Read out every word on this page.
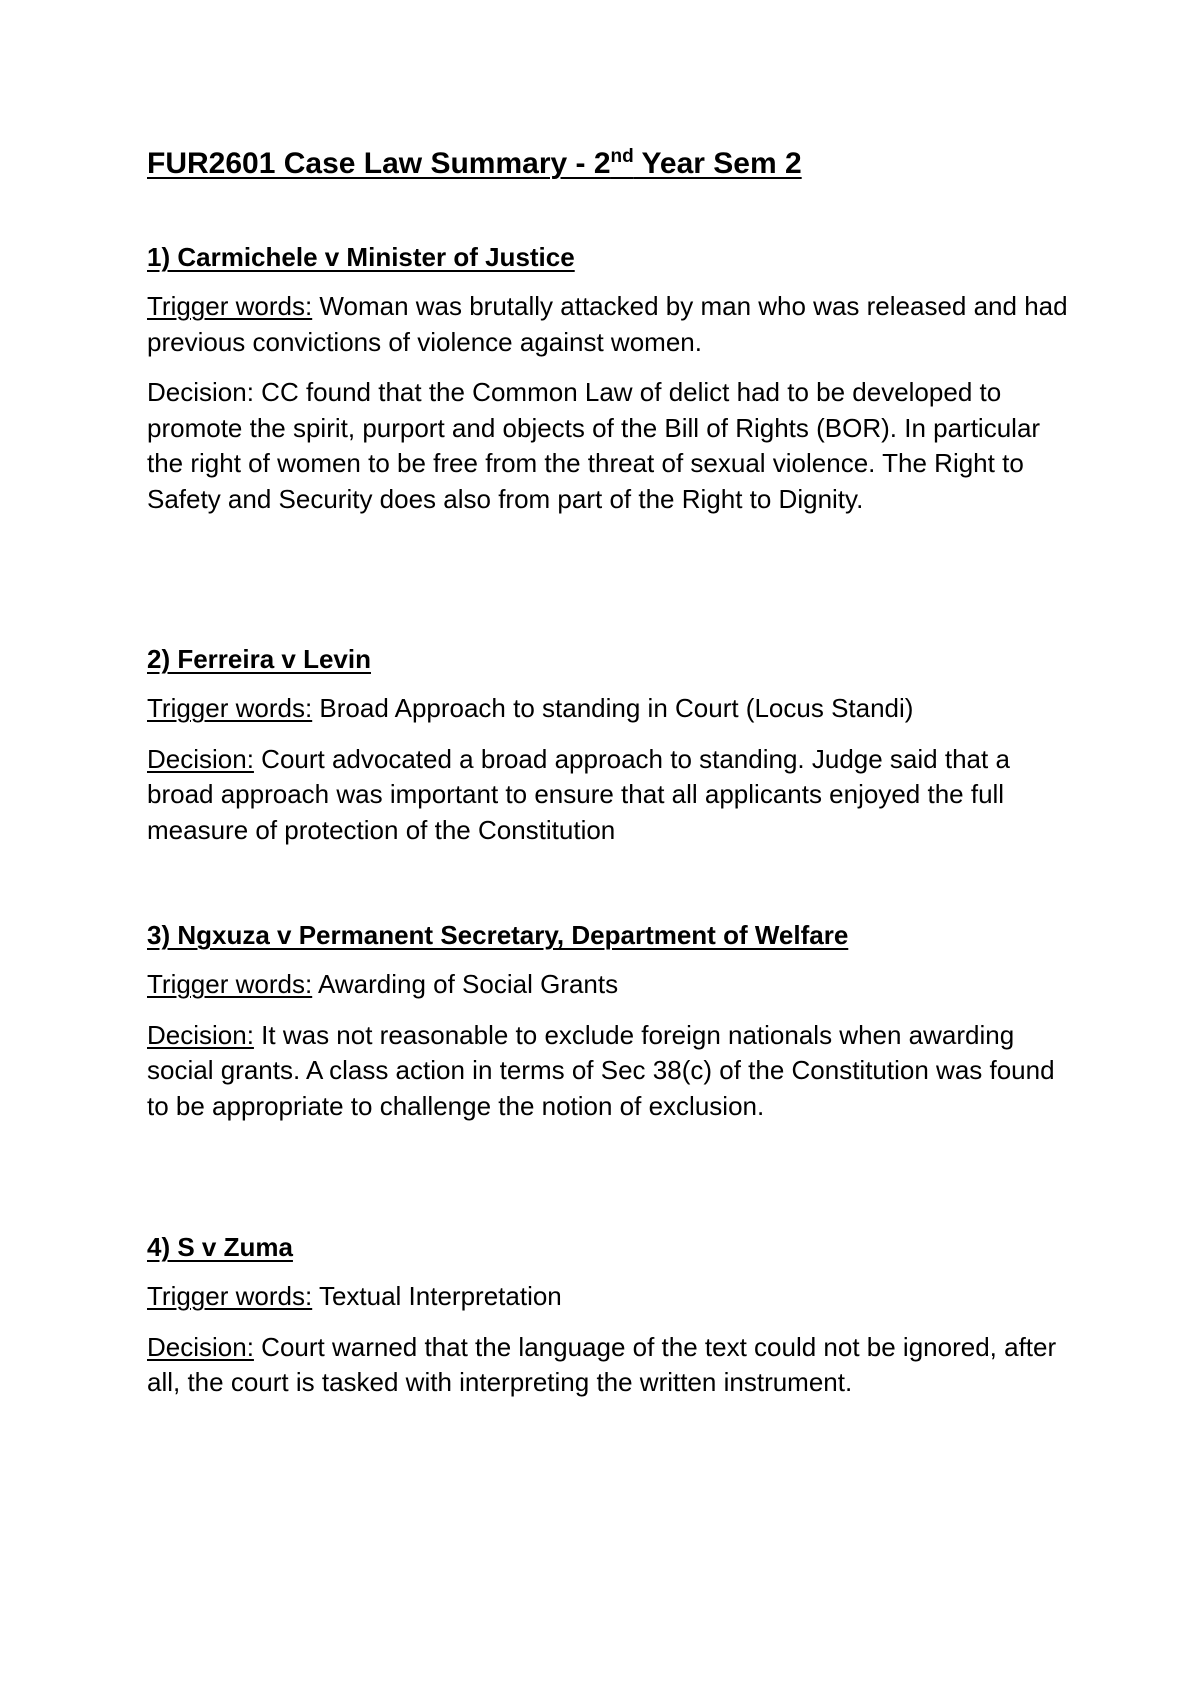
FUR2601 Case Law Summary - 2nd Year Sem 2
1) Carmichele v Minister of Justice

Trigger words: Woman was brutally attacked by man who was released and had previous convictions of violence against women.

Decision: CC found that the Common Law of delict had to be developed to promote the spirit, purport and objects of the Bill of Rights (BOR). In particular the right of women to be free from the threat of sexual violence. The Right to Safety and Security does also from part of the Right to Dignity.

2) Ferreira v Levin

Trigger words: Broad Approach to standing in Court (Locus Standi)

Decision: Court advocated a broad approach to standing. Judge said that a broad approach was important to ensure that all applicants enjoyed the full measure of protection of the Constitution

3) Ngxuza v Permanent Secretary, Department of Welfare

Trigger words: Awarding of Social Grants

Decision: It was not reasonable to exclude foreign nationals when awarding social grants. A class action in terms of Sec 38(c) of the Constitution was found to be appropriate to challenge the notion of exclusion.

4) S v Zuma

Trigger words: Textual Interpretation

Decision: Court warned that the language of the text could not be ignored, after all, the court is tasked with interpreting the written instrument.
